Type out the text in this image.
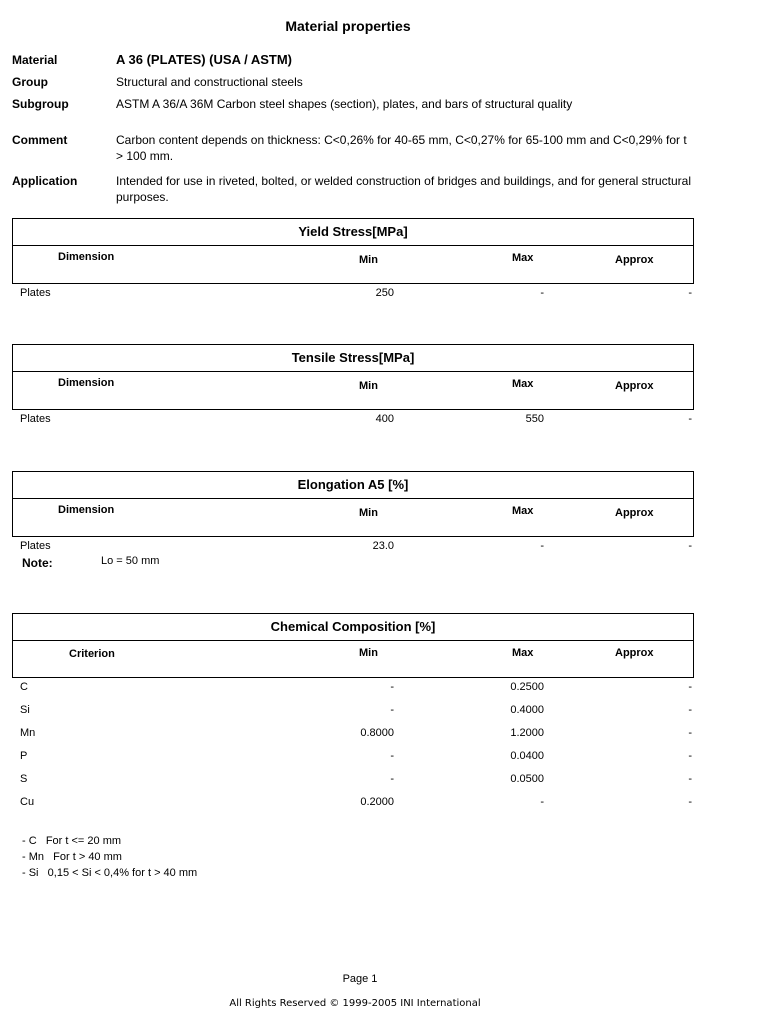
Material properties
Material	A 36 (PLATES) (USA / ASTM)
Group	Structural and constructional steels
Subgroup	ASTM A 36/A 36M Carbon steel shapes (section), plates, and bars of structural quality
Comment	Carbon content depends on thickness: C<0,26% for 40-65 mm, C<0,27% for 65-100 mm and C<0,29% for t > 100 mm.
Application	Intended for use in riveted, bolted, or welded construction of bridges and buildings, and for general structural purposes.
Yield Stress[MPa]
Dimension	Min	Max	Approx
Plates	250	-	-
Tensile Stress[MPa]
Dimension	Min	Max	Approx
Plates	400	550	-
Elongation A5 [%]
Dimension	Min	Max	Approx
Plates	23.0	-	-
Note:	Lo = 50 mm
Chemical Composition [%]
Criterion	Min	Max	Approx
C	-	0.2500	-
Si	-	0.4000	-
Mn	0.8000	1.2000	-
P	-	0.0400	-
S	-	0.0500	-
Cu	0.2000	-	-
- C   For t <= 20 mm
- Mn   For t > 40 mm
- Si   0,15 < Si < 0,4% for t > 40 mm
Page 1
All Rights Reserved © 1999-2005 INI International
